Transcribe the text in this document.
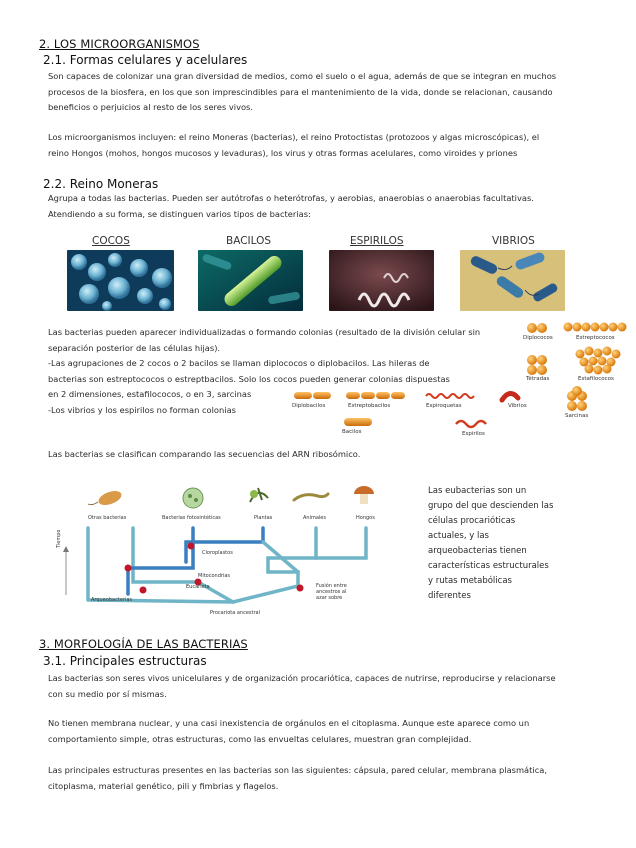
2. LOS MICROORGANISMOS
2.1. Formas celulares y acelulares
Son capaces de colonizar una gran diversidad de medios, como el suelo o el agua, además de que se integran en muchos
procesos de la biosfera, en los que son imprescindibles para el mantenimiento de la vida, donde se relacionan, causando
beneficios o perjuicios al resto de los seres vivos.
Los microorganismos incluyen: el reino Moneras (bacterias), el reino Protoctistas (protozoos y algas microscópicas), el
reino Hongos (mohos, hongos mucosos y levaduras), los virus y otras formas acelulares, como viroides y priones
2.2. Reino Moneras
Agrupa a todas las bacterias. Pueden ser autótrofas o heterótrofas, y aerobias, anaerobias o anaerobias facultativas.
Atendiendo a su forma, se distinguen varios tipos de bacterias:
COCOS	BACILOS	ESPIRILOS	VIBRIOS
Las bacterias pueden aparecer individualizadas o formando colonias (resultado de la división celular sin
separación posterior de las células hijas).
-Las agrupaciones de 2 cocos o 2 bacilos se llaman diplococos o diplobacilos. Las hileras de
bacterias son estreptococos o estreptbacilos. Solo los cocos pueden generar colonias dispuestas
en 2 dimensiones, estafilococos, o en 3, sarcinas
-Los vibrios y los espirilos no forman colonias
Diplococos	Estreptococos
Tétradas	Estafilococos
Sarcinas
Diplobacilos	Estreptobacilos
Bacilos
Espiroquetas	Vibrios
Espirilos
Las bacterias se clasifican comparando las secuencias del ARN ribosómico.
Otras bacterias	Bacterias fotosintéticas	Plantas	Animales	Hongos
Tiempo
Cloroplastos
Mitocondrias
Eucariota
Arqueobacterias
Fusión entre
ancestros al
azar sobre
Procariota ancestral
Las eubacterias son un
grupo del que descienden las
células procarióticas
actuales, y las
arqueobacterias tienen
características estructurales
y rutas metabólicas
diferentes
3. MORFOLOGÍA DE LAS BACTERIAS
3.1. Principales estructuras
Las bacterias son seres vivos unicelulares y de organización procariótica, capaces de nutrirse, reproducirse y relacionarse
con su medio por sí mismas.
No tienen membrana nuclear, y una casi inexistencia de orgánulos en el citoplasma. Aunque este aparece como un
comportamiento simple, otras estructuras, como las envueltas celulares, muestran gran complejidad.
Las principales estructuras presentes en las bacterias son las siguientes: cápsula, pared celular, membrana plasmática,
citoplasma, material genético, pili y fimbrias y flagelos.
